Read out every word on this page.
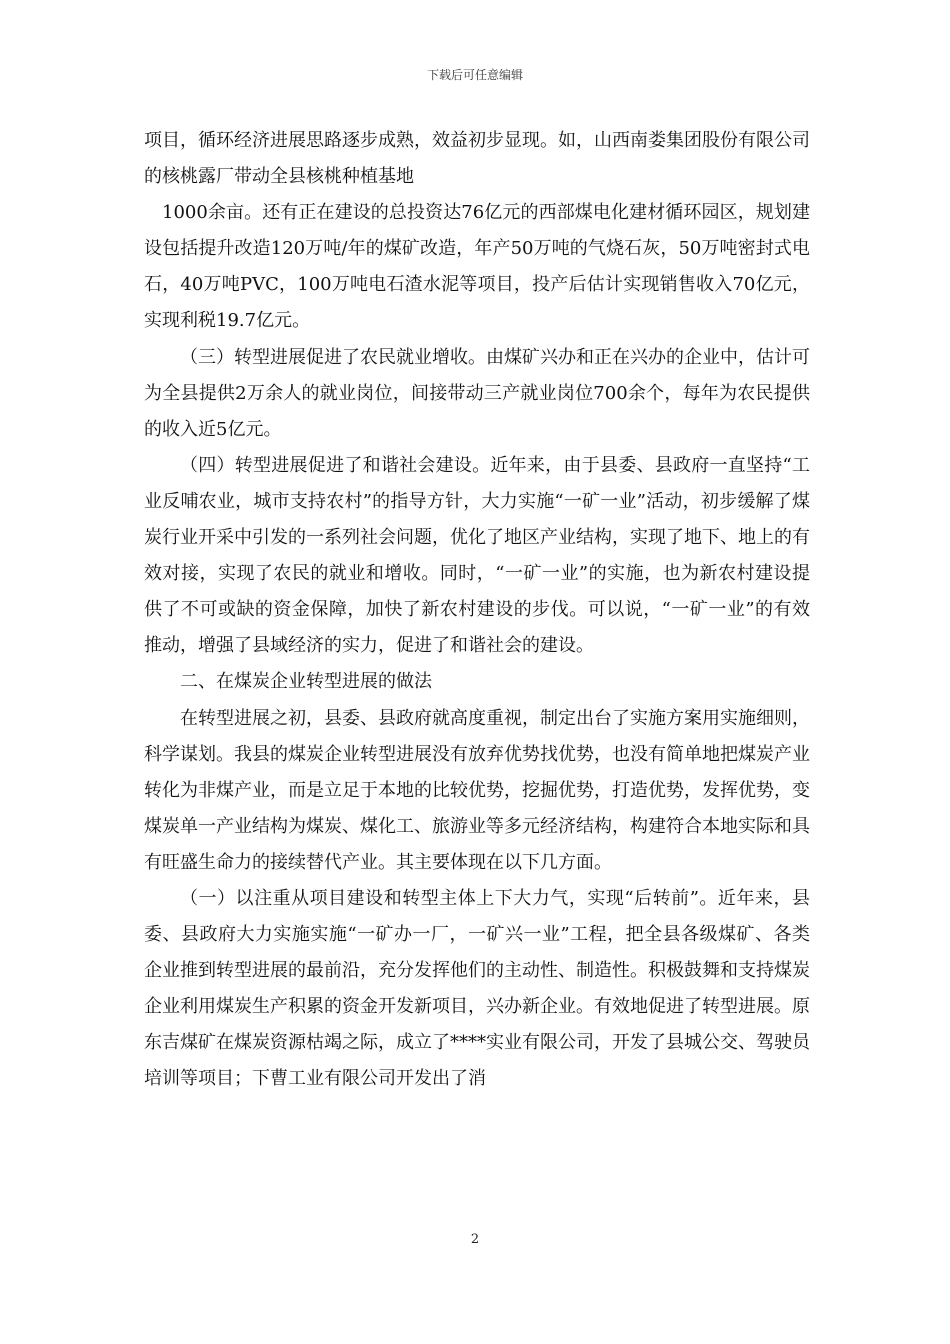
下载后可任意编辑

项目，循环经济进展思路逐步成熟，效益初步显现。如，山西南娄集团股份有限公司的核桃露厂带动全县核桃种植基地

1000余亩。还有正在建设的总投资达76亿元的西部煤电化建材循环园区，规划建设包括提升改造120万吨/年的煤矿改造，年产50万吨的气烧石灰，50万吨密封式电石，40万吨PVC，100万吨电石渣水泥等项目，投产后估计实现销售收入70亿元，实现利税19.7亿元。

（三）转型进展促进了农民就业增收。由煤矿兴办和正在兴办的企业中，估计可为全县提供2万余人的就业岗位，间接带动三产就业岗位700余个，每年为农民提供的收入近5亿元。

（四）转型进展促进了和谐社会建设。近年来，由于县委、县政府一直坚持“工业反哺农业，城市支持农村”的指导方针，大力实施“一矿一业”活动，初步缓解了煤炭行业开采中引发的一系列社会问题，优化了地区产业结构，实现了地下、地上的有效对接，实现了农民的就业和增收。同时，“一矿一业”的实施，也为新农村建设提供了不可或缺的资金保障，加快了新农村建设的步伐。可以说，“一矿一业”的有效推动，增强了县域经济的实力，促进了和谐社会的建设。

二、在煤炭企业转型进展的做法

在转型进展之初，县委、县政府就高度重视，制定出台了实施方案用实施细则，科学谋划。我县的煤炭企业转型进展没有放弃优势找优势，也没有简单地把煤炭产业转化为非煤产业，而是立足于本地的比较优势，挖掘优势，打造优势，发挥优势，变煤炭单一产业结构为煤炭、煤化工、旅游业等多元经济结构，构建符合本地实际和具有旺盛生命力的接续替代产业。其主要体现在以下几方面。

（一）以注重从项目建设和转型主体上下大力气，实现“后转前”。近年来，县委、县政府大力实施实施“一矿办一厂，一矿兴一业”工程，把全县各级煤矿、各类企业推到转型进展的最前沿，充分发挥他们的主动性、制造性。积极鼓舞和支持煤炭企业利用煤炭生产积累的资金开发新项目，兴办新企业。有效地促进了转型进展。原东吉煤矿在煤炭资源枯竭之际，成立了****实业有限公司，开发了县城公交、驾驶员培训等项目；下曹工业有限公司开发出了消

2
